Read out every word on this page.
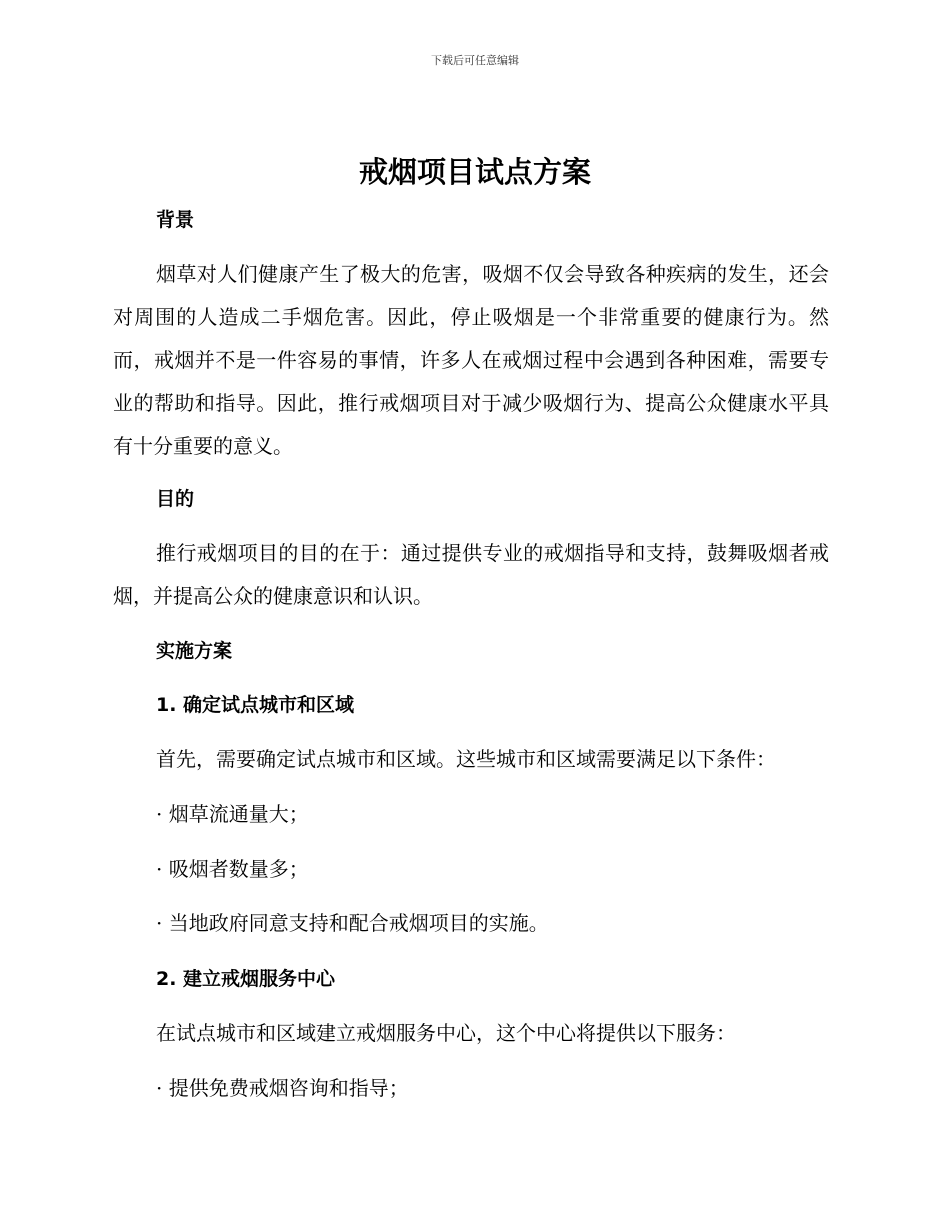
下载后可任意编辑
戒烟项目试点方案
背景

烟草对人们健康产生了极大的危害，吸烟不仅会导致各种疾病的发生，还会对周围的人造成二手烟危害。因此，停止吸烟是一个非常重要的健康行为。然而，戒烟并不是一件容易的事情，许多人在戒烟过程中会遇到各种困难，需要专业的帮助和指导。因此，推行戒烟项目对于减少吸烟行为、提高公众健康水平具有十分重要的意义。

目的

推行戒烟项目的目的在于：通过提供专业的戒烟指导和支持，鼓舞吸烟者戒烟，并提高公众的健康意识和认识。

实施方案
1. 确定试点城市和区域
首先，需要确定试点城市和区域。这些城市和区域需要满足以下条件：
· 烟草流通量大；
· 吸烟者数量多；
· 当地政府同意支持和配合戒烟项目的实施。
2. 建立戒烟服务中心
在试点城市和区域建立戒烟服务中心，这个中心将提供以下服务：
· 提供免费戒烟咨询和指导；
